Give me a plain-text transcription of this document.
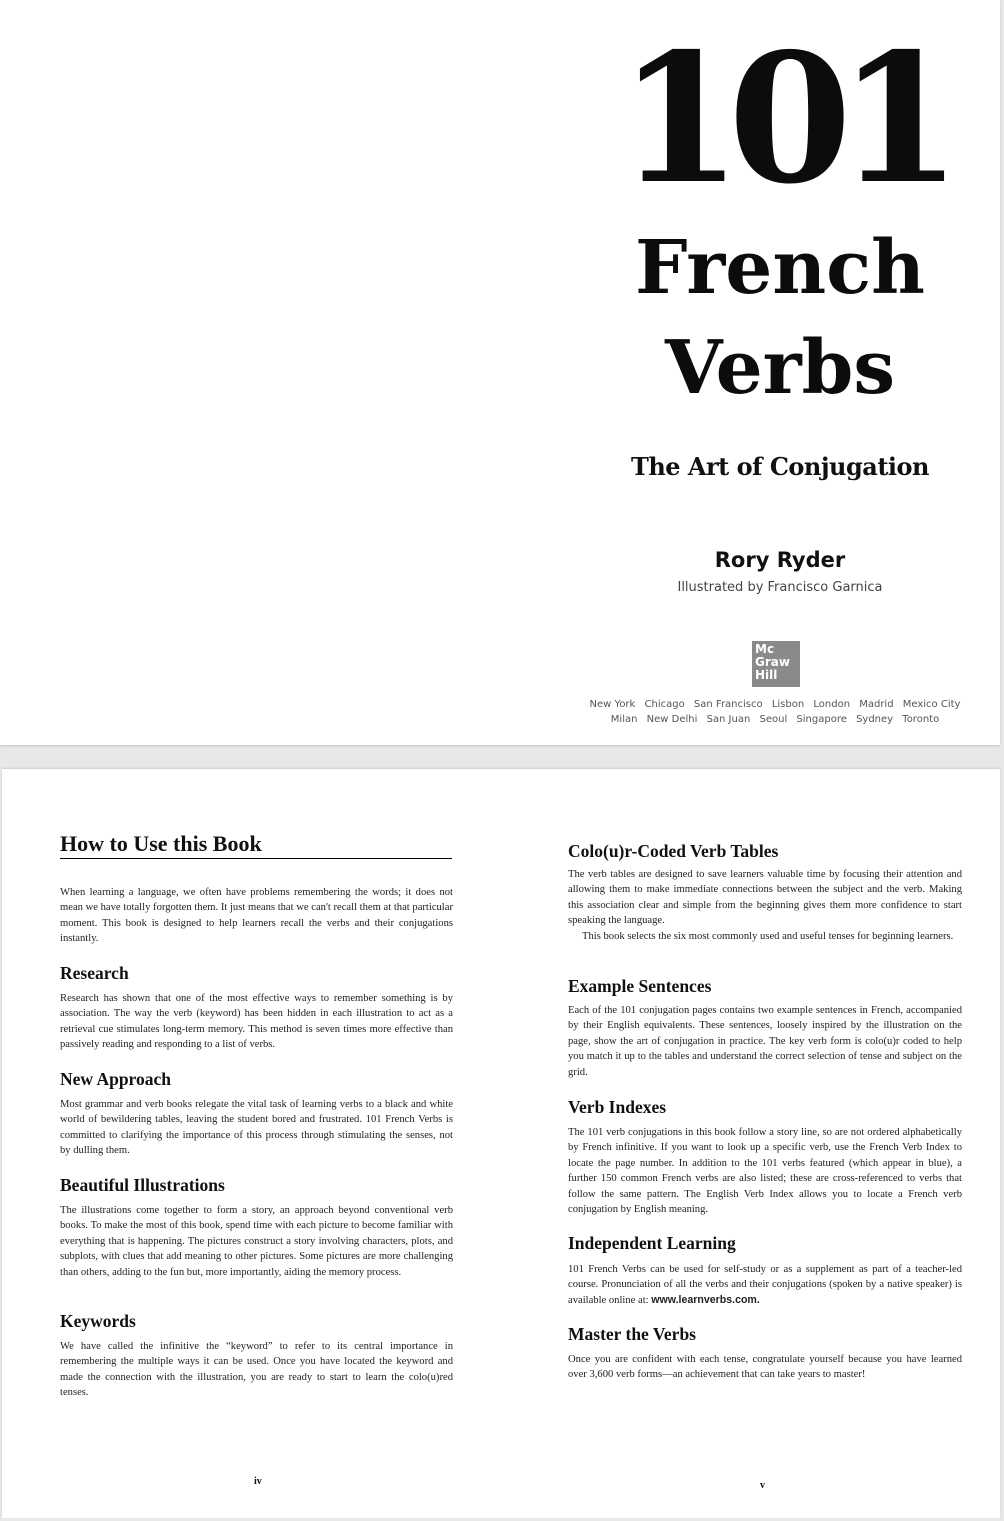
101
French
Verbs
The Art of Conjugation
Rory Ryder
Illustrated by Francisco Garnica
Mc
Graw
Hill
New York Chicago San Francisco Lisbon London Madrid Mexico City
Milan New Delhi San Juan Seoul Singapore Sydney Toronto
How to Use this Book
When learning a language, we often have problems remembering the words; it does not mean we have totally forgotten them. It just means that we can't recall them at that particular moment. This book is designed to help learners recall the verbs and their conjugations instantly.
Research
Research has shown that one of the most effective ways to remember something is by association. The way the verb (keyword) has been hidden in each illustration to act as a retrieval cue stimulates long-term memory. This method is seven times more effective than passively reading and responding to a list of verbs.
New Approach
Most grammar and verb books relegate the vital task of learning verbs to a black and white world of bewildering tables, leaving the student bored and frustrated. 101 French Verbs is committed to clarifying the importance of this process through stimulating the senses, not by dulling them.
Beautiful Illustrations
The illustrations come together to form a story, an approach beyond conventional verb books. To make the most of this book, spend time with each picture to become familiar with everything that is happening. The pictures construct a story involving characters, plots, and subplots, with clues that add meaning to other pictures. Some pictures are more challenging than others, adding to the fun but, more importantly, aiding the memory process.
Keywords
We have called the infinitive the “keyword” to refer to its central importance in remembering the multiple ways it can be used. Once you have located the keyword and made the connection with the illustration, you are ready to start to learn the colo(u)red tenses.
iv
Colo(u)r-Coded Verb Tables
The verb tables are designed to save learners valuable time by focusing their attention and allowing them to make immediate connections between the subject and the verb. Making this association clear and simple from the beginning gives them more confidence to start speaking the language.
This book selects the six most commonly used and useful tenses for beginning learners.
Example Sentences
Each of the 101 conjugation pages contains two example sentences in French, accompanied by their English equivalents. These sentences, loosely inspired by the illustration on the page, show the art of conjugation in practice. The key verb form is colo(u)r coded to help you match it up to the tables and understand the correct selection of tense and subject on the grid.
Verb Indexes
The 101 verb conjugations in this book follow a story line, so are not ordered alphabetically by French infinitive. If you want to look up a specific verb, use the French Verb Index to locate the page number. In addition to the 101 verbs featured (which appear in blue), a further 150 common French verbs are also listed; these are cross-referenced to verbs that follow the same pattern. The English Verb Index allows you to locate a French verb conjugation by English meaning.
Independent Learning
101 French Verbs can be used for self-study or as a supplement as part of a teacher-led course. Pronunciation of all the verbs and their conjugations (spoken by a native speaker) is available online at: www.learnverbs.com.
Master the Verbs
Once you are confident with each tense, congratulate yourself because you have learned over 3,600 verb forms—an achievement that can take years to master!
v
